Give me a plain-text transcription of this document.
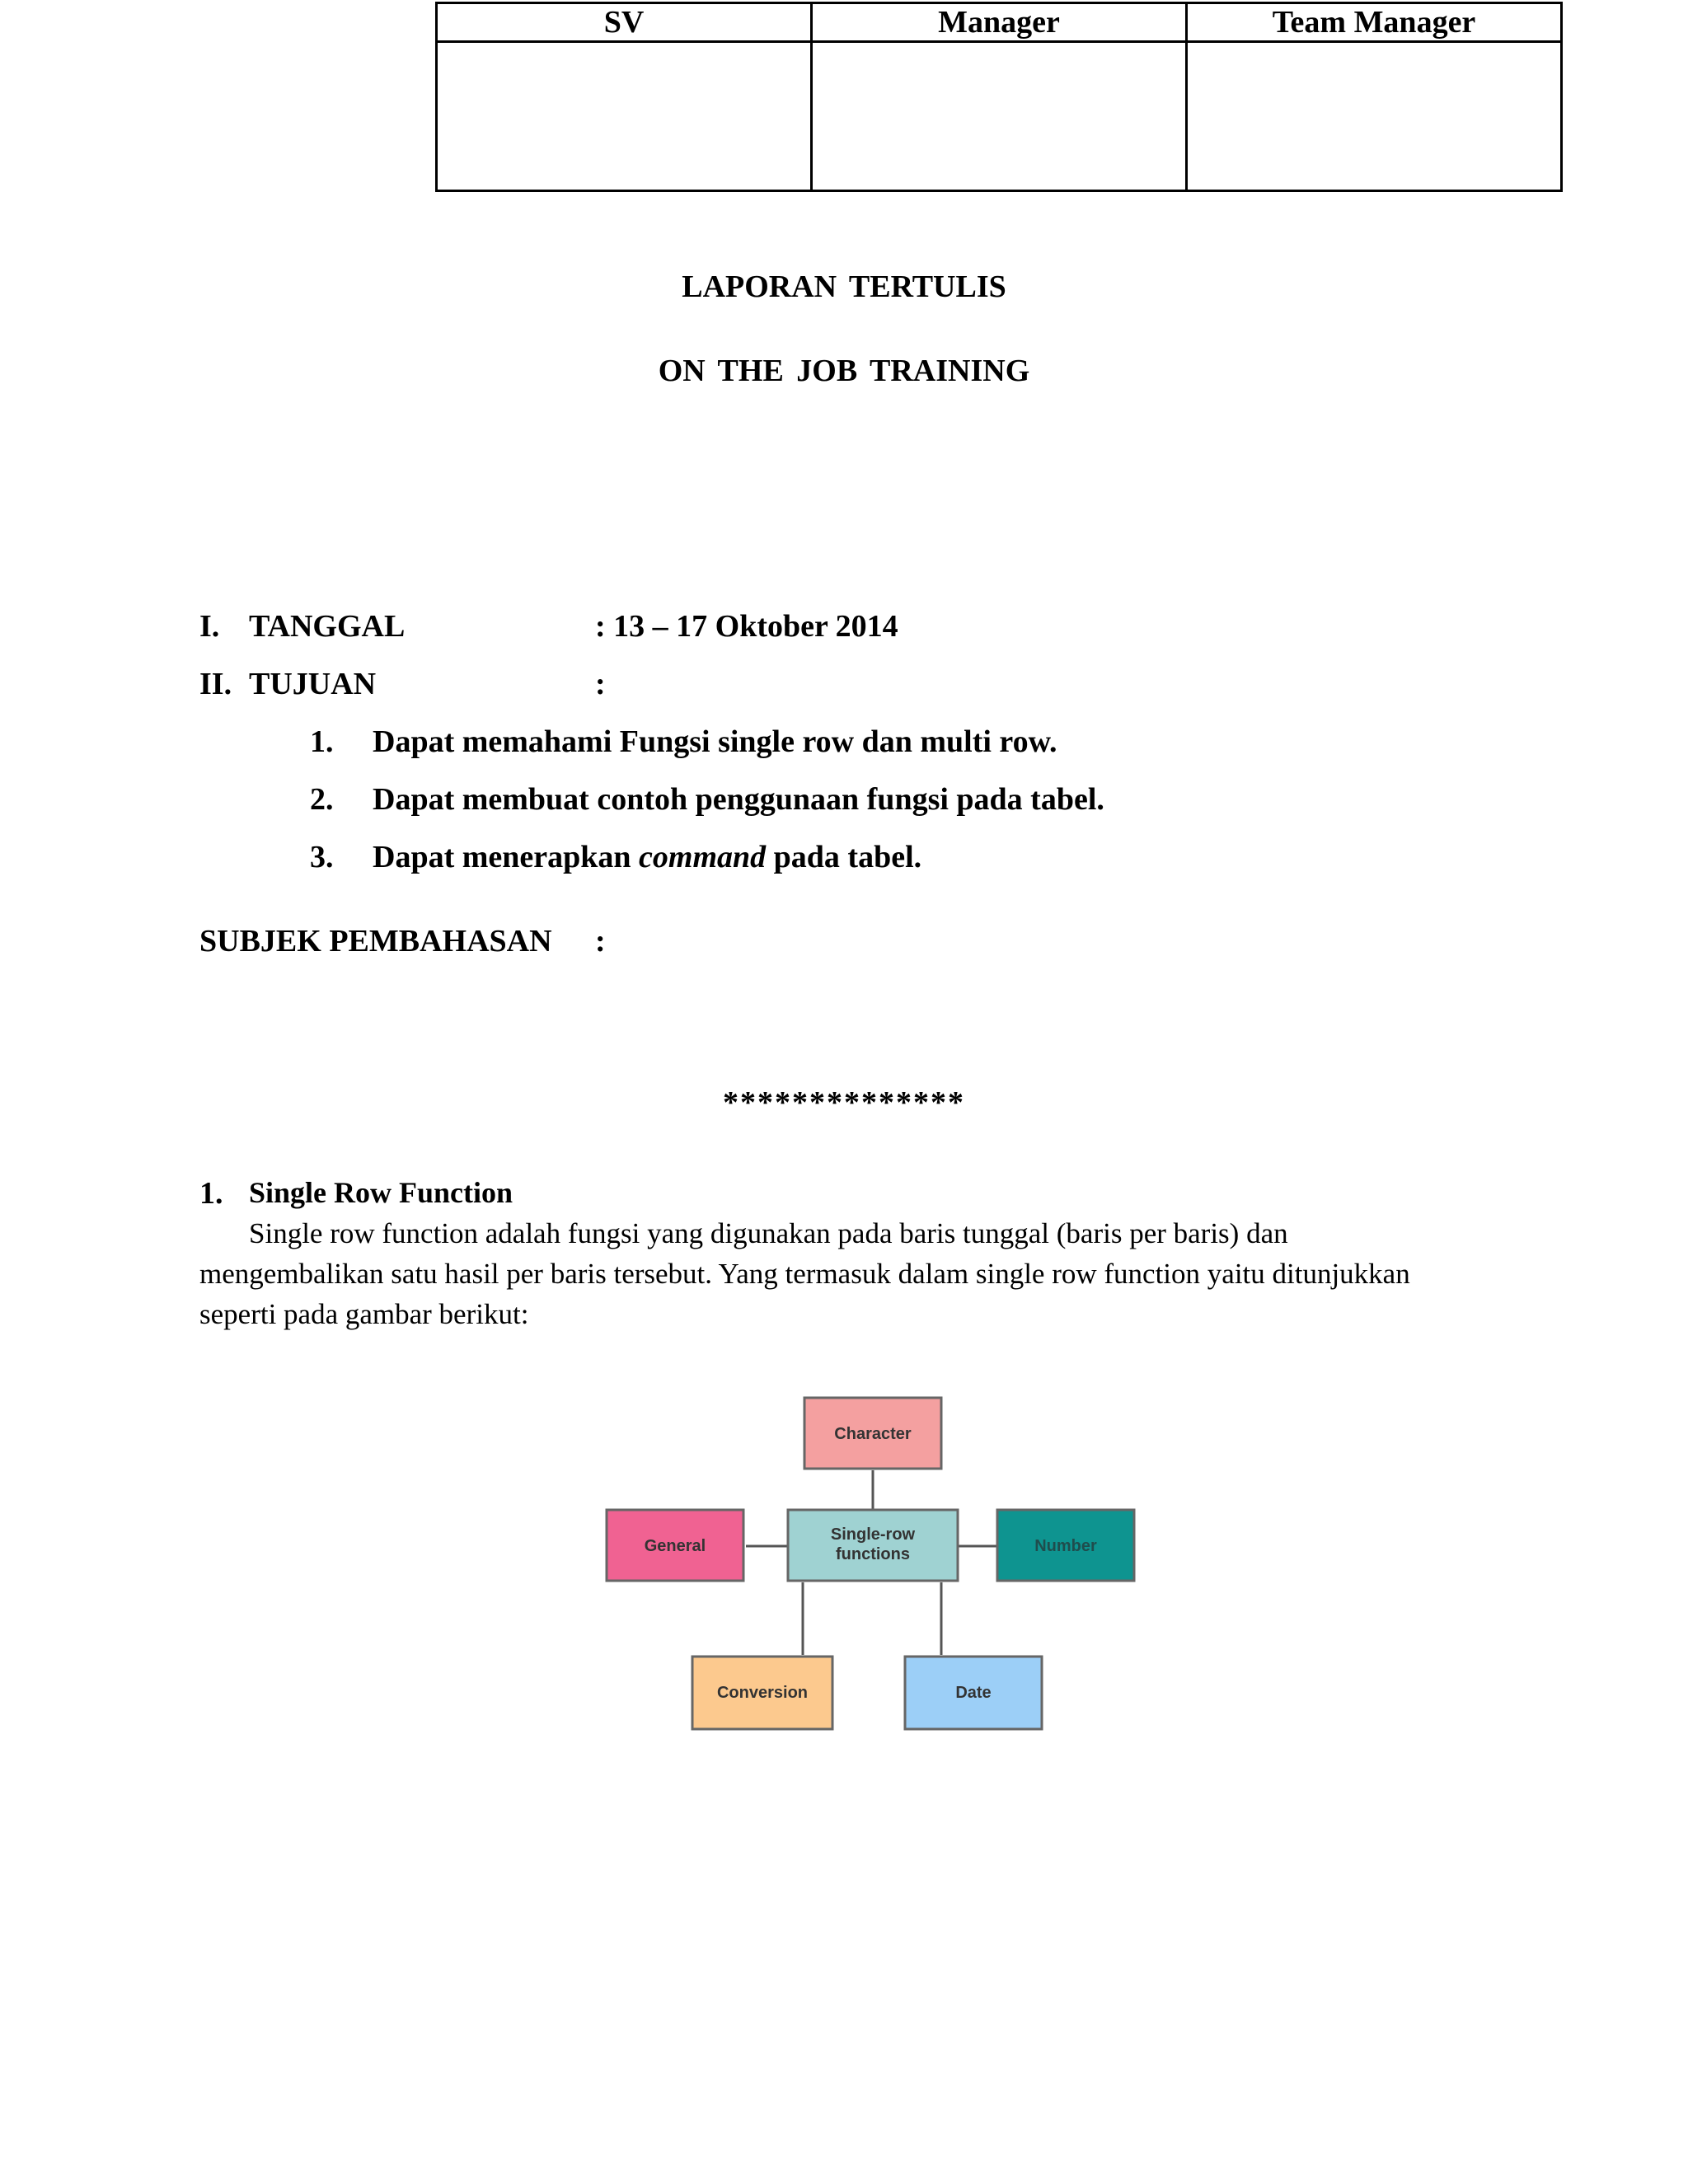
SV	Manager	Team Manager

LAPORAN TERTULIS
ON THE JOB TRAINING
I. TANGGAL	: 13 – 17 Oktober 2014
II. TUJUAN	:
1. Dapat memahami Fungsi single row dan multi row.
2. Dapat membuat contoh penggunaan fungsi pada tabel.
3. Dapat menerapkan command pada tabel.
SUBJEK PEMBAHASAN :
**************
1. Single Row Function
Single row function adalah fungsi yang digunakan pada baris tunggal (baris per baris) dan
mengembalikan satu hasil per baris tersebut. Yang termasuk dalam single row function yaitu ditunjukkan
seperti pada gambar berikut:
Character
General
Single-row
functions	Number
Conversion	Date
